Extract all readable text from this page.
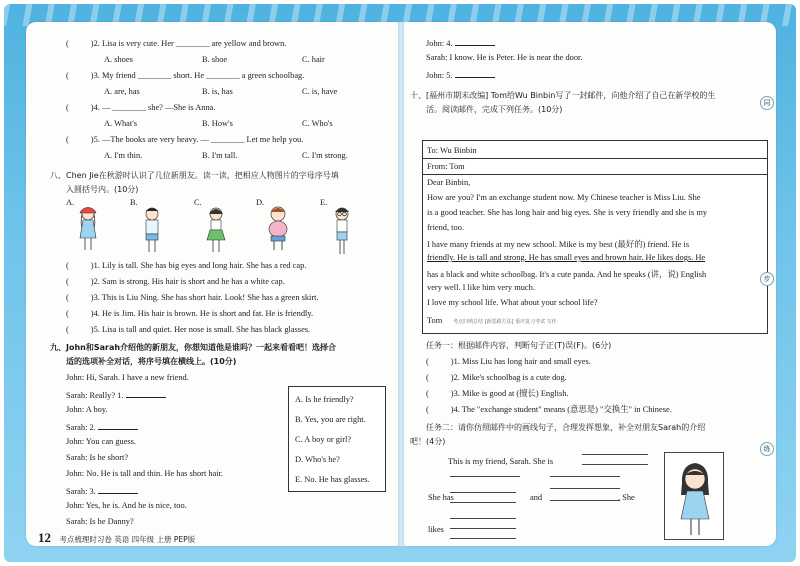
(	)2. Lisa is very cute. Her ________ are yellow and brown.
A. shoes	B. shoe	C. hair
(	)3. My friend ________ short. He ________ a green schoolbag.
A. are, has	B. is, has	C. is, have
(	)4. — ________ she? —She is Anna.
A. What's	B. How's	C. Who's
(	)5. —The books are very heavy. — ________ Let me help you.
A. I'm thin.	B. I'm tall.	C. I'm strong.
八、Chen Jie在秋游时认识了几位新朋友。读一读，把相应人物图片的字母序号填
入圆括号内。(10分)
A.	B.	C.	D.	E.
(	)1. Lily is tall. She has big eyes and long hair. She has a red cap.
(	)2. Sam is strong. His hair is short and he has a white cap.
(	)3. This is Liu Ning. She has short hair. Look! She has a green skirt.
(	)4. He is Jim. His hair is brown. He is short and fat. He is friendly.
(	)5. Lisa is tall and quiet. Her nose is small. She has black glasses.
九、John和Sarah介绍他的新朋友，你想知道他是谁吗？一起来看看吧！选择合
适的选项补全对话，将序号填在横线上。(10分)
John: Hi, Sarah. I have a new friend.
Sarah: Really? 1.
John: A boy.
Sarah: 2.
John: You can guess.
Sarah: Is he short?
John: No. He is tall and thin. He has short hair.
Sarah: 3.
John: Yes, he is. And he is nice, too.
Sarah: Is he Danny?
A. Is he friendly?
B. Yes, you are right.
C. A boy or girl?
D. Who's he?
E. No. He has glasses.
12 考点梳理时习卷 英语 四年级 上册 PEP版
John: 4.
Sarah: I know. He is Peter. He is near the door.
John: 5.
十、[福州市期末改编] Tom给Wu Binbin写了一封邮件，向他介绍了自己在新学校的生
活。阅读邮件，完成下列任务。(10分)
To: Wu Binbin
From: Tom
Dear Binbin,
How are you? I'm an exchange student now. My Chinese teacher is Miss Liu. She
is a good teacher. She has long hair and big eyes. She is very friendly and she is my
friend, too.
I have many friends at my new school. Mike is my best (最好的) friend. He is
friendly. He is tall and strong. He has small eyes and brown hair. He likes dogs. He
has a black and white schoolbag. It's a cute panda. And he speaks (讲，说) English
very well. I like him very much.
I love my school life. What about your school life?
Tom 考点归纳总结 [新思路方法] 重庆复习考试 写作
任务一：根据邮件内容，判断句子正(T)误(F)。(6分)
(	)1. Miss Liu has long hair and small eyes.
(	)2. Mike's schoolbag is a cute dog.
(	)3. Mike is good at (擅长) English.
(	)4. The "exchange student" means (意思是) "交换生" in Chinese.
任务二：请你仿照邮件中的画线句子，合理发挥想象，补全对朋友Sarah的介绍
吧！(4分)
This is my friend, Sarah. She is
She has	and	. She
likes
同
步
练
